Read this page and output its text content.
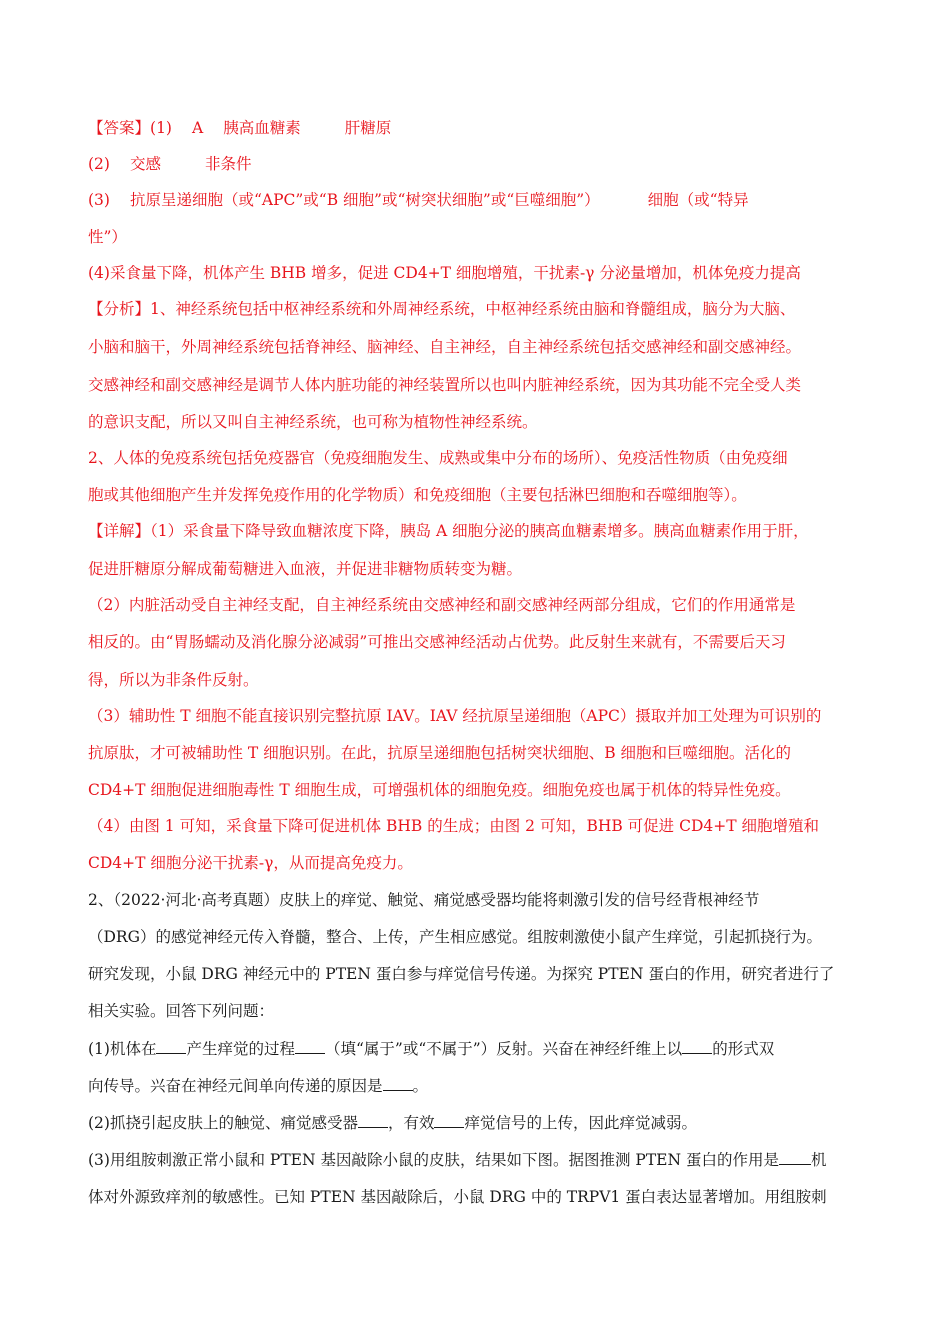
【答案】(1) A 胰高血糖素	肝糖原
(2) 交感	非条件
(3) 抗原呈递细胞（或“APC”或“B 细胞”或“树突状细胞”或“巨噬细胞”）	细胞（或“特异
性”）
(4)采食量下降，机体产生 BHB 增多，促进 CD4+T 细胞增殖，干扰素-γ 分泌量增加，机体免疫力提高
【分析】1、神经系统包括中枢神经系统和外周神经系统，中枢神经系统由脑和脊髓组成，脑分为大脑、
小脑和脑干，外周神经系统包括脊神经、脑神经、自主神经，自主神经系统包括交感神经和副交感神经。
交感神经和副交感神经是调节人体内脏功能的神经装置所以也叫内脏神经系统，因为其功能不完全受人类
的意识支配，所以又叫自主神经系统，也可称为植物性神经系统。
2、人体的免疫系统包括免疫器官（免疫细胞发生、成熟或集中分布的场所）、免疫活性物质（由免疫细
胞或其他细胞产生并发挥免疫作用的化学物质）和免疫细胞（主要包括淋巴细胞和吞噬细胞等）。
【详解】（1）采食量下降导致血糖浓度下降，胰岛 A 细胞分泌的胰高血糖素增多。胰高血糖素作用于肝，
促进肝糖原分解成葡萄糖进入血液，并促进非糖物质转变为糖。
（2）内脏活动受自主神经支配，自主神经系统由交感神经和副交感神经两部分组成，它们的作用通常是
相反的。由“胃肠蠕动及消化腺分泌减弱”可推出交感神经活动占优势。此反射生来就有，不需要后天习
得，所以为非条件反射。
（3）辅助性 T 细胞不能直接识别完整抗原 IAV。IAV 经抗原呈递细胞（APC）摄取并加工处理为可识别的
抗原肽，才可被辅助性 T 细胞识别。在此，抗原呈递细胞包括树突状细胞、B 细胞和巨噬细胞。活化的
CD4+T 细胞促进细胞毒性 T 细胞生成，可增强机体的细胞免疫。细胞免疫也属于机体的特异性免疫。
（4）由图 1 可知，采食量下降可促进机体 BHB 的生成；由图 2 可知，BHB 可促进 CD4+T 细胞增殖和
CD4+T 细胞分泌干扰素-γ，从而提高免疫力。
2、（2022·河北·高考真题）皮肤上的痒觉、触觉、痛觉感受器均能将刺激引发的信号经背根神经节
（DRG）的感觉神经元传入脊髓，整合、上传，产生相应感觉。组胺刺激使小鼠产生痒觉，引起抓挠行为。
研究发现，小鼠 DRG 神经元中的 PTEN 蛋白参与痒觉信号传递。为探究 PTEN 蛋白的作用，研究者进行了
相关实验。回答下列问题：
(1)机体在 产生痒觉的过程 （填“属于”或“不属于”）反射。兴奋在神经纤维上以 的形式双
向传导。兴奋在神经元间单向传递的原因是 。
(2)抓挠引起皮肤上的触觉、痛觉感受器 ，有效 痒觉信号的上传，因此痒觉减弱。
(3)用组胺刺激正常小鼠和 PTEN 基因敲除小鼠的皮肤，结果如下图。据图推测 PTEN 蛋白的作用是 机
体对外源致痒剂的敏感性。已知 PTEN 基因敲除后，小鼠 DRG 中的 TRPV1 蛋白表达显著增加。用组胺刺
